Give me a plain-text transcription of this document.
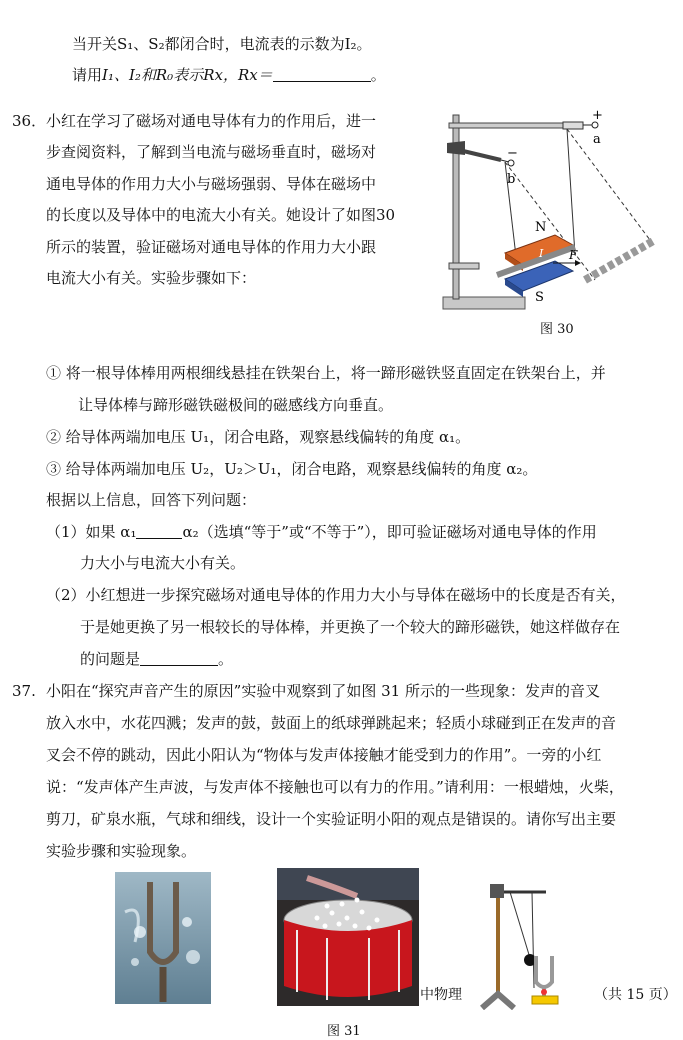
当开关S₁、S₂都闭合时，电流表的示数为I₂。
请用I₁、I₂和R₀表示Rx，Rx＝	。
36． 小红在学习了磁场对通电导体有力的作用后，进一
步查阅资料，了解到当电流与磁场垂直时，磁场对
通电导体的作用力大小与磁场强弱、导体在磁场中
的长度以及导体中的电流大小有关。她设计了如图30
所示的装置，验证磁场对通电导体的作用力大小跟
电流大小有关。实验步骤如下：
+
a
−
b
N
S
F
I
图 30
① 将一根导体棒用两根细线悬挂在铁架台上，将一蹄形磁铁竖直固定在铁架台上，并
让导体棒与蹄形磁铁磁极间的磁感线方向垂直。
② 给导体两端加电压 U₁，闭合电路，观察悬线偏转的角度 α₁。
③ 给导体两端加电压 U₂，U₂＞U₁，闭合电路，观察悬线偏转的角度 α₂。
根据以上信息，回答下列问题：
（1）如果 α₁	α₂（选填“等于”或“不等于”），即可验证磁场对通电导体的作用
力大小与电流大小有关。
（2）小红想进一步探究磁场对通电导体的作用力大小与导体在磁场中的长度是否有关，
于是她更换了另一根较长的导体棒，并更换了一个较大的蹄形磁铁，她这样做存在
的问题是	。
37. 小阳在“探究声音产生的原因”实验中观察到了如图 31 所示的一些现象：发声的音叉
放入水中，水花四溅；发声的鼓，鼓面上的纸球弹跳起来；轻质小球碰到正在发声的音
叉会不停的跳动，因此小阳认为“物体与发声体接触才能受到力的作用”。一旁的小红
说：“发声体产生声波，与发声体不接触也可以有力的作用。”请利用：一根蜡烛，火柴，
剪刀，矿泉水瓶，气球和细线，设计一个实验证明小阳的观点是错误的。请你写出主要
实验步骤和实验现象。
中物理	（共 15 页）
图 31
